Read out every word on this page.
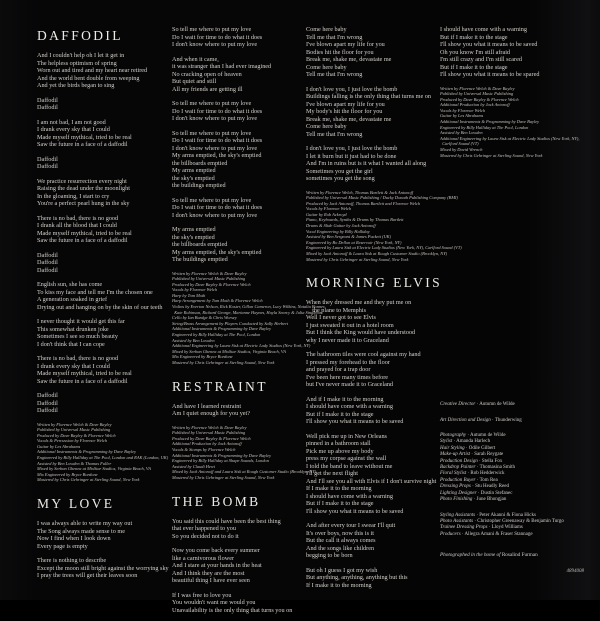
DAFFODIL
And I couldn't help oh I let it get in
The helpless optimism of spring
Worn out and tired and my heart near retired
And the world bent double from weeping
And yet the birds began to sing
Daffodil
Daffodil
I am not bad, I am not good
I drank every sky that I could
Made myself mythical, tried to be real
Saw the future in a face of a daffodil
Daffodil
Daffodil
We practice resurrection every night
Raising the dead under the moonlight
In the gloaming, I start to cry
You're a perfect pearl hung in the sky
There is no bad, there is no good
I drank all the blood that I could
Made myself mythical, tried to be real
Saw the future in a face of a daffodil
Daffodil
Daffodil
Daffodil
English sun, she has come
To kiss my face and tell me I'm the chosen one
A generation soaked in grief
Drying out and hanging on by the skin of our teeth
I never thought it would get this far
This somewhat drunken joke
Sometimes I see so much beauty
I don't think that I can cope
There is no bad, there is no good
I drank every sky that I could
Made myself mythical, tried to be real
Saw the future in a face of a daffodil
Daffodil
Daffodil
Daffodil
Written by Florence Welch & Dave Bayley
Published by Universal Music Publishing
Produced by Dave Bayley & Florence Welch
Vocals & Percussion by Florence Welch
Guitar by Les Abrahams
Additional Instruments & Programming by Dave Bayley
Engineered by Billy Halliday at The Pool, London and RAK (London, UK)
Assisted by Ben Lowden & Thomas Fuller
Mixed by Serban Ghenea at MixStar Studios, Virginia Beach, VA
Mix Engineered by Bryce Bordone
Mastered by Chris Gehringer at Sterling Sound, New York
MY LOVE
I was always able to write my way out
The Song always made sense to me
Now I find when I look down
Every page is empty
There is nothing to describe
Except the moon still bright against the worrying sky
I pray the trees will get their leaves soon
So tell me where to put my love
Do I wait for time to do what it does
I don't know where to put my love
And when it came,
it was stranger than I had ever imagined
No cracking open of heaven
But quiet and still
All my friends are getting ill
So tell me where to put my love
Do I wait for time to do what it does
I don't know where to put my love
So tell me where to put my love
Do I wait for time to do what it does
I don't know where to put my love
My arms emptied, the sky's emptied
the billboards emptied
My arms emptied
the sky's emptied
the buildings emptied
So tell me where to put my love
Do I wait for time to do what it does
I don't know where to put my love
My arms emptied
the sky's emptied
the billboards emptied
My arms emptied, the sky's emptied
The buildings emptied
Written by Florence Welch & Dave Bayley
Published by Universal Music Publishing
Produced by Dave Bayley & Florence Welch
Vocals by Florence Welch
Harp by Tom Moth
Harp Arrangement by Tom Moth & Florence Welch
Violins by Everton Nelson, Rick Koster, Gillon Cameron, Lucy Wilkins, Natalia Bonner,
Kate Robinson, Richard George, Marianne Haynes, Hayla Searcy & Julia Singleton
Cello by Ian Burdge & Chris Worsey
String/Brass Arrangement by Players Conducted by Sally Herbert
Additional Instruments & Programming by Dave Bayley
Engineered by Billy Halliday at The Pool, London
Assisted by Ben Lowden
Additional Engineering by Laura Sisk at Electric Lady Studios (New York, NY)
Mixed by Serban Ghenea at MixStar Studios, Virginia Beach, VA
Mix Engineered by Bryce Bordone
Mastered by Chris Gehringer at Sterling Sound, New York
RESTRAINT
And have I learned restraint
Am I quiet enough for you yet?
Written by Florence Welch & Dave Bayley
Published by Universal Music Publishing
Produced by Dave Bayley & Florence Welch
Additional Production by Jack Antonoff
Vocals & Stomps by Florence Welch
Additional Instruments & Programming by Dave Bayley
Engineered by Billy Halliday at Shape Sounds, London
Assisted by Claudi Hewi
Mixed by Jack Antonoff and Laura Sisk at Rough Customer Studio (Brooklyn, NY)
Mastered by Chris Gehringer at Sterling Sound, New York
THE BOMB
You said this could have been the best thing
that ever happened to you
So you decided not to do it
Now you come back every summer
like a carnivorous flower
And I stare at your hands in the heat
And I think they are the most
beautiful thing I have ever seen
If I was free to love you
You wouldn't want me would you
Unavailability is the only thing that turns you on
Come here baby
Tell me that I'm wrong
I've blown apart my life for you
Bodies hit the floor for you
Break me, shake me, devastate me
Come here baby
Tell me that I'm wrong
I don't love you, I just love the bomb
Buildings falling is the only thing that turns me on
I've blown apart my life for you
My body's hit the floor for you
Break me, shake me, devastate me
Come here baby
Tell me that I'm wrong
I don't love you, I just love the bomb
I let it burn but it just had to be done
And I'm in ruins but is it what I wanted all along
Sometimes you get the girl
sometimes you get the song
Written by Florence Welch, Thomas Bartlett & Jack Antonoff
Published by Universal Music Publishing / Ducky Donath Publishing Company (BMI)
Produced by Jack Antonoff, Thomas Bartlett and Florence Welch
Vocals by Florence Welch
Guitar by Rob Ackroyd
Piano, Keyboards, Synths & Drums by Thomas Bartlett
Drums & Slide Guitar by Jack Antonoff
Vocal Engineering by Billy Halliday
Assisted by Ben Sergeant & James Puckett (UK)
Engineered by Bo Dellon at Reservoir (New York, NY)
Engineered by Laura Sisk at Electric Lady Studios (New York, NY), Carlford Sound (VT)
Mixed by Jack Antonoff & Laura Sisk at Rough Customer Studio (Brooklyn, NY)
Mastered by Chris Gehringer at Sterling Sound, New York
MORNING ELVIS
When they dressed me and they put me on
the plane to Memphis
Well I never got to see Elvis
I just sweated it out in a hotel room
But I think the King would have understood
why I never made it to Graceland
The bathroom tiles were cool against my hand
I pressed my forehead to the floor
and prayed for a trap door
I've been here many times before
but I've never made it to Graceland
And if I make it to the morning
I should have come with a warning
But if I make it to the stage
I'll show you what it means to be saved
Well pick me up in New Orleans
pinned in a bathroom stall
Pick me up above my body
press my corpse against the wall
I told the band to leave without me
I'll get the next flight
And I'll see you all with Elvis if I don't survive night
If I make it to the morning
I should have come with a warning
But if I make it to the stage
I'll show you what it means to be saved
And after every tour I swear I'll quit
It's over boys, now this is it
But the call it always comes
And the songs like children
begging to be born
But oh I guess I got my wish
But anything, anything, anything but this
If I make it to the morning
I should have come with a warning
But if I make it to the stage
I'll show you what it means to be saved
Oh you know I'm still afraid
I'm still crazy and I'm still scared
But if I make it to the stage
I'll show you what it means to be spared
Written by Florence Welch & Dave Bayley
Published by Universal Music Publishing
Produced by Dave Bayley & Florence Welch
Additional Production by Jack Antonoff
Vocals by Florence Welch
Guitar by Les Abrahams
Additional Instruments & Programming by Dave Bayley
Engineered by Billy Halliday at The Pool, London
Assisted by Ben Lowden
Additional Engineering by Laura Sisk at Electric Lady Studios (New York, NY),
Carlford Sound (VT)
Mixed by David Wrench
Mastered by Chris Gehringer at Sterling Sound, New York
Creative Director · Autumn de Wilde
Art Direction and Design · Thunderwing
Photography · Autumn de Wilde
Stylist · Amanda Harlech
Hair Styling · Odile Gilbert
Make-up Artist · Sarah Reygate
Production Design · Stella Fox
Backdrop Painter · Thomasina Smith
Floral Stylist · Rob Hedderwick
Production Buyer · Tom Rea
Dressing Props · Stu Headly Reed
Lighting Designer · Dustin Stefanec
Photo Finishing · June Bhongjan
Styling Assistants · Peter Akanni & Fiona Hicks
Photo Assistants · Christopher Greenaway & Benjamin Turgo
Trainee Dressing Props · Lloyd Williams
Producers · Allegra Amani & Fraser Stannage
Photographed in the home of Rosalind Furman
4894008
